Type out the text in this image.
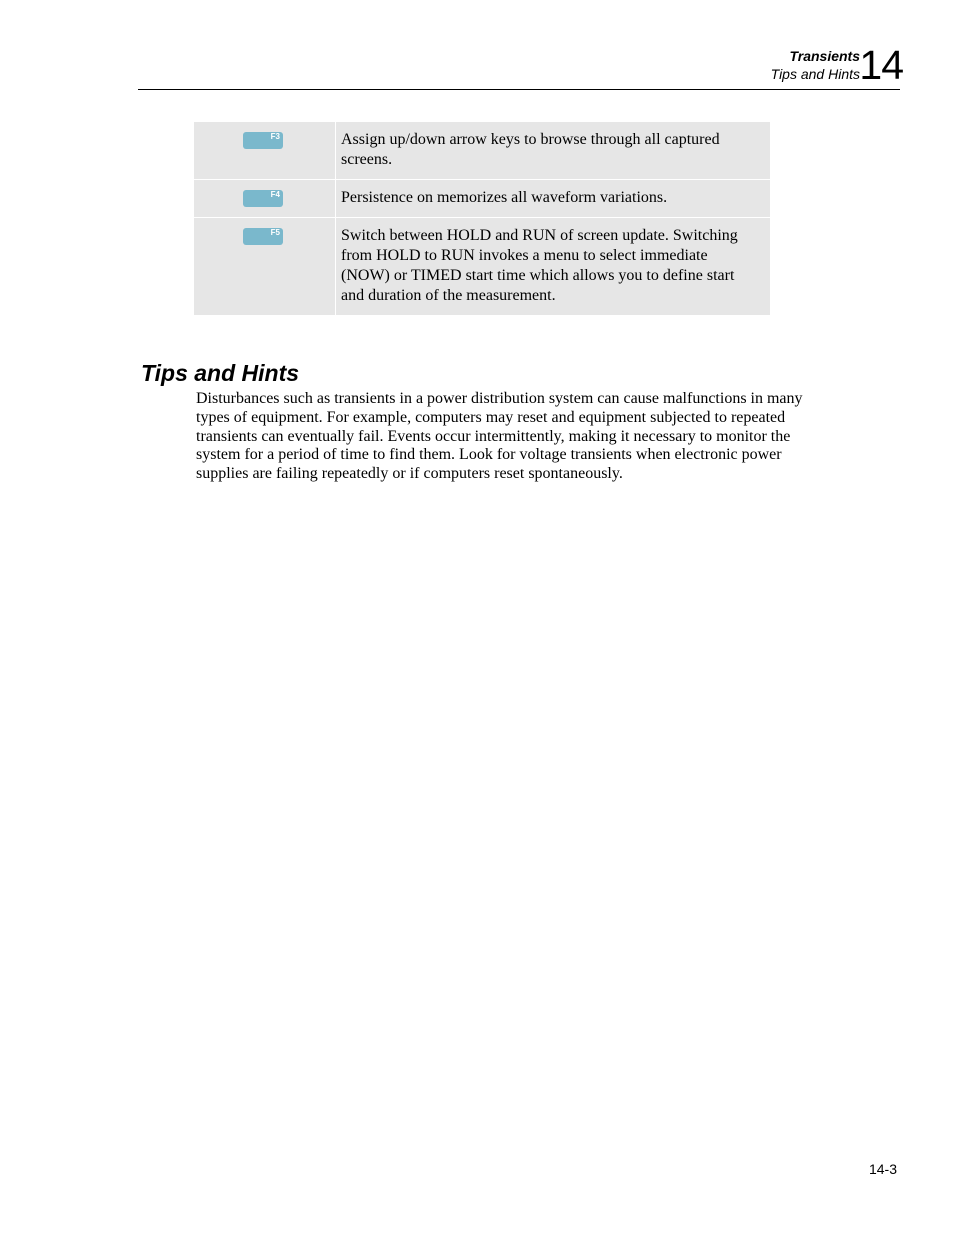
Transients
Tips and Hints 14
F3	Assign up/down arrow keys to browse through all captured screens.

F4	Persistence on memorizes all waveform variations.

F5	Switch between HOLD and RUN of screen update. Switching from HOLD to RUN invokes a menu to select immediate (NOW) or TIMED start time which allows you to define start and duration of the measurement.
Tips and Hints

Disturbances such as transients in a power distribution system can cause malfunctions in many types of equipment. For example, computers may reset and equipment subjected to repeated transients can eventually fail. Events occur intermittently, making it necessary to monitor the system for a period of time to find them. Look for voltage transients when electronic power supplies are failing repeatedly or if computers reset spontaneously.

14-3
